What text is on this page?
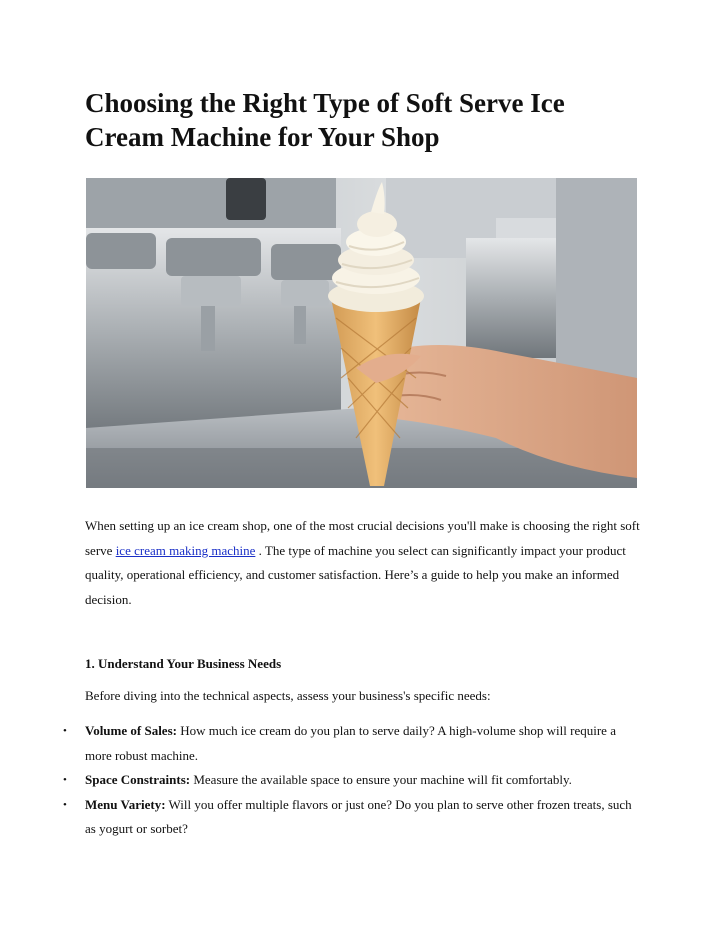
Choosing the Right Type of Soft Serve Ice Cream Machine for Your Shop

When setting up an ice cream shop, one of the most crucial decisions you'll make is choosing the right soft serve ice cream making machine . The type of machine you select can significantly impact your product quality, operational efficiency, and customer satisfaction. Here’s a guide to help you make an informed decision.

1. Understand Your Business Needs

Before diving into the technical aspects, assess your business's specific needs:

• Volume of Sales: How much ice cream do you plan to serve daily? A high-volume shop will require a more robust machine.
• Space Constraints: Measure the available space to ensure your machine will fit comfortably.
• Menu Variety: Will you offer multiple flavors or just one? Do you plan to serve other frozen treats, such as yogurt or sorbet?
